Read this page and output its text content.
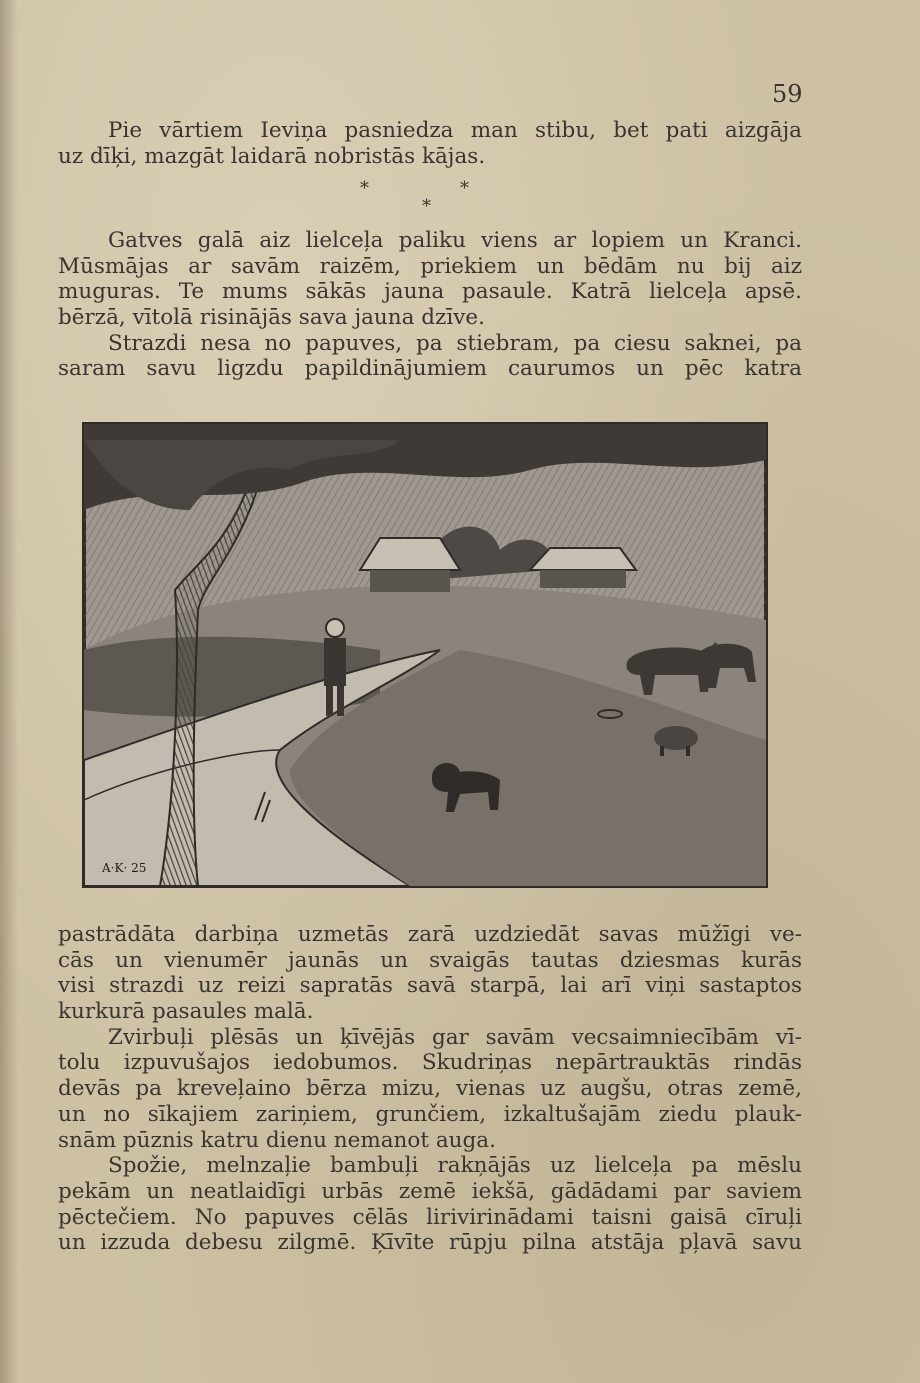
59
Pie vārtiem Ieviņa pasniedza man stibu, bet pati aizgāja
uz dīķi, mazgāt laidarā nobristās kājas.
*	*
*
Gatves galā aiz lielceļa paliku viens ar lopiem un Kranci.
Mūsmājas ar savām raizēm, priekiem un bēdām nu bij aiz
muguras. Te mums sākās jauna pasaule. Katrā lielceļa apsē.
bērzā, vītolā risinājās sava jauna dzīve.
Strazdi nesa no papuves, pa stiebram, pa ciesu saknei, pa
saram savu ligzdu papildinājumiem caurumos un pēc katra
A·K· 25
pastrādāta darbiņa uzmetās zarā uzdziedāt savas mūžīgi ve-
cās un vienumēr jaunās un svaigās tautas dziesmas kurās
visi strazdi uz reizi sapratās savā starpā, lai arī viņi sastaptos
kurkurā pasaules malā.
Zvirbuļi plēsās un ķīvējās gar savām vecsaimniecībām vī-
tolu izpuvušajos iedobumos. Skudriņas nepārtrauktās rindās
devās pa kreveļaino bērza mizu, vienas uz augšu, otras zemē,
un no sīkajiem zariņiem, grunčiem, izkaltušajām ziedu plauk-
snām pūznis katru dienu nemanot auga.
Spožie, melnzaļie bambuļi rakņājās uz lielceļa pa mēslu
pekām un neatlaidīgi urbās zemē iekšā, gādādami par saviem
pēctečiem. No papuves cēlās lirivirinādami taisni gaisā cīruļi
un izzuda debesu zilgmē. Ķīvīte rūpju pilna atstāja pļavā savu
